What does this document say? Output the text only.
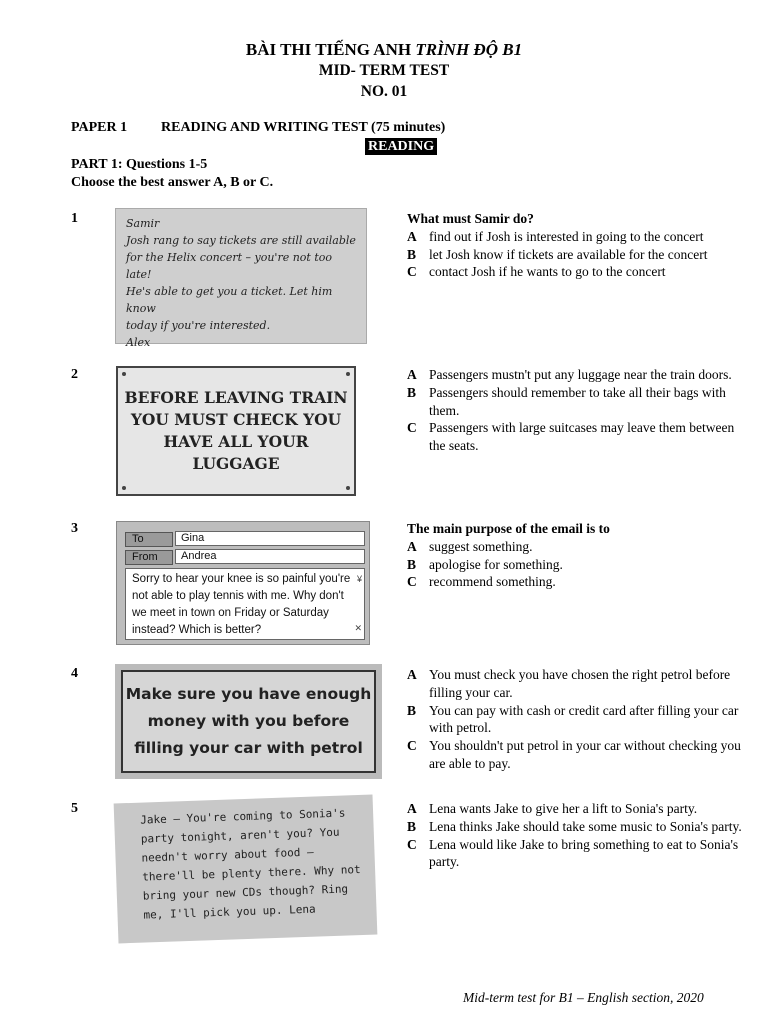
BÀI THI TIẾNG ANH TRÌNH ĐỘ B1
MID- TERM TEST
NO. 01
PAPER 1 READING AND WRITING TEST (75 minutes)
READING
PART 1: Questions 1-5
Choose the best answer A, B or C.
1	Samir
Josh rang to say tickets are still available
for the Helix concert – you're not too late!
He's able to get you a ticket. Let him know
today if you're interested.
Alex
What must Samir do?
A find out if Josh is interested in going to the concert
B let Josh know if tickets are available for the concert
C contact Josh if he wants to go to the concert
2
BEFORE LEAVING TRAIN YOU MUST CHECK YOU HAVE ALL YOUR LUGGAGE
A Passengers mustn't put any luggage near the train doors.
B Passengers should remember to take all their bags with them.
C Passengers with large suitcases may leave them between the seats.
3
To	Gina
From	Andrea
Sorry to hear your knee is so painful you're not able to play tennis with me. Why don't we meet in town on Friday or Saturday instead? Which is better?
¥
✕
The main purpose of the email is to
A suggest something.
B apologise for something.
C recommend something.
4
Make sure you have enough money with you before filling your car with petrol
A You must check you have chosen the right petrol before filling your car.
B You can pay with cash or credit card after filling your car with petrol.
C You shouldn't put petrol in your car without checking you are able to pay.
5	Jake – You're coming to Sonia's
party tonight, aren't you? You
needn't worry about food –
there'll be plenty there. Why not
bring your new CDs though? Ring
me, I'll pick you up. Lena
A Lena wants Jake to give her a lift to Sonia's party.
B Lena thinks Jake should take some music to Sonia's party.
C Lena would like Jake to bring something to eat to Sonia's party.
Mid-term test for B1 – English section, 2020
